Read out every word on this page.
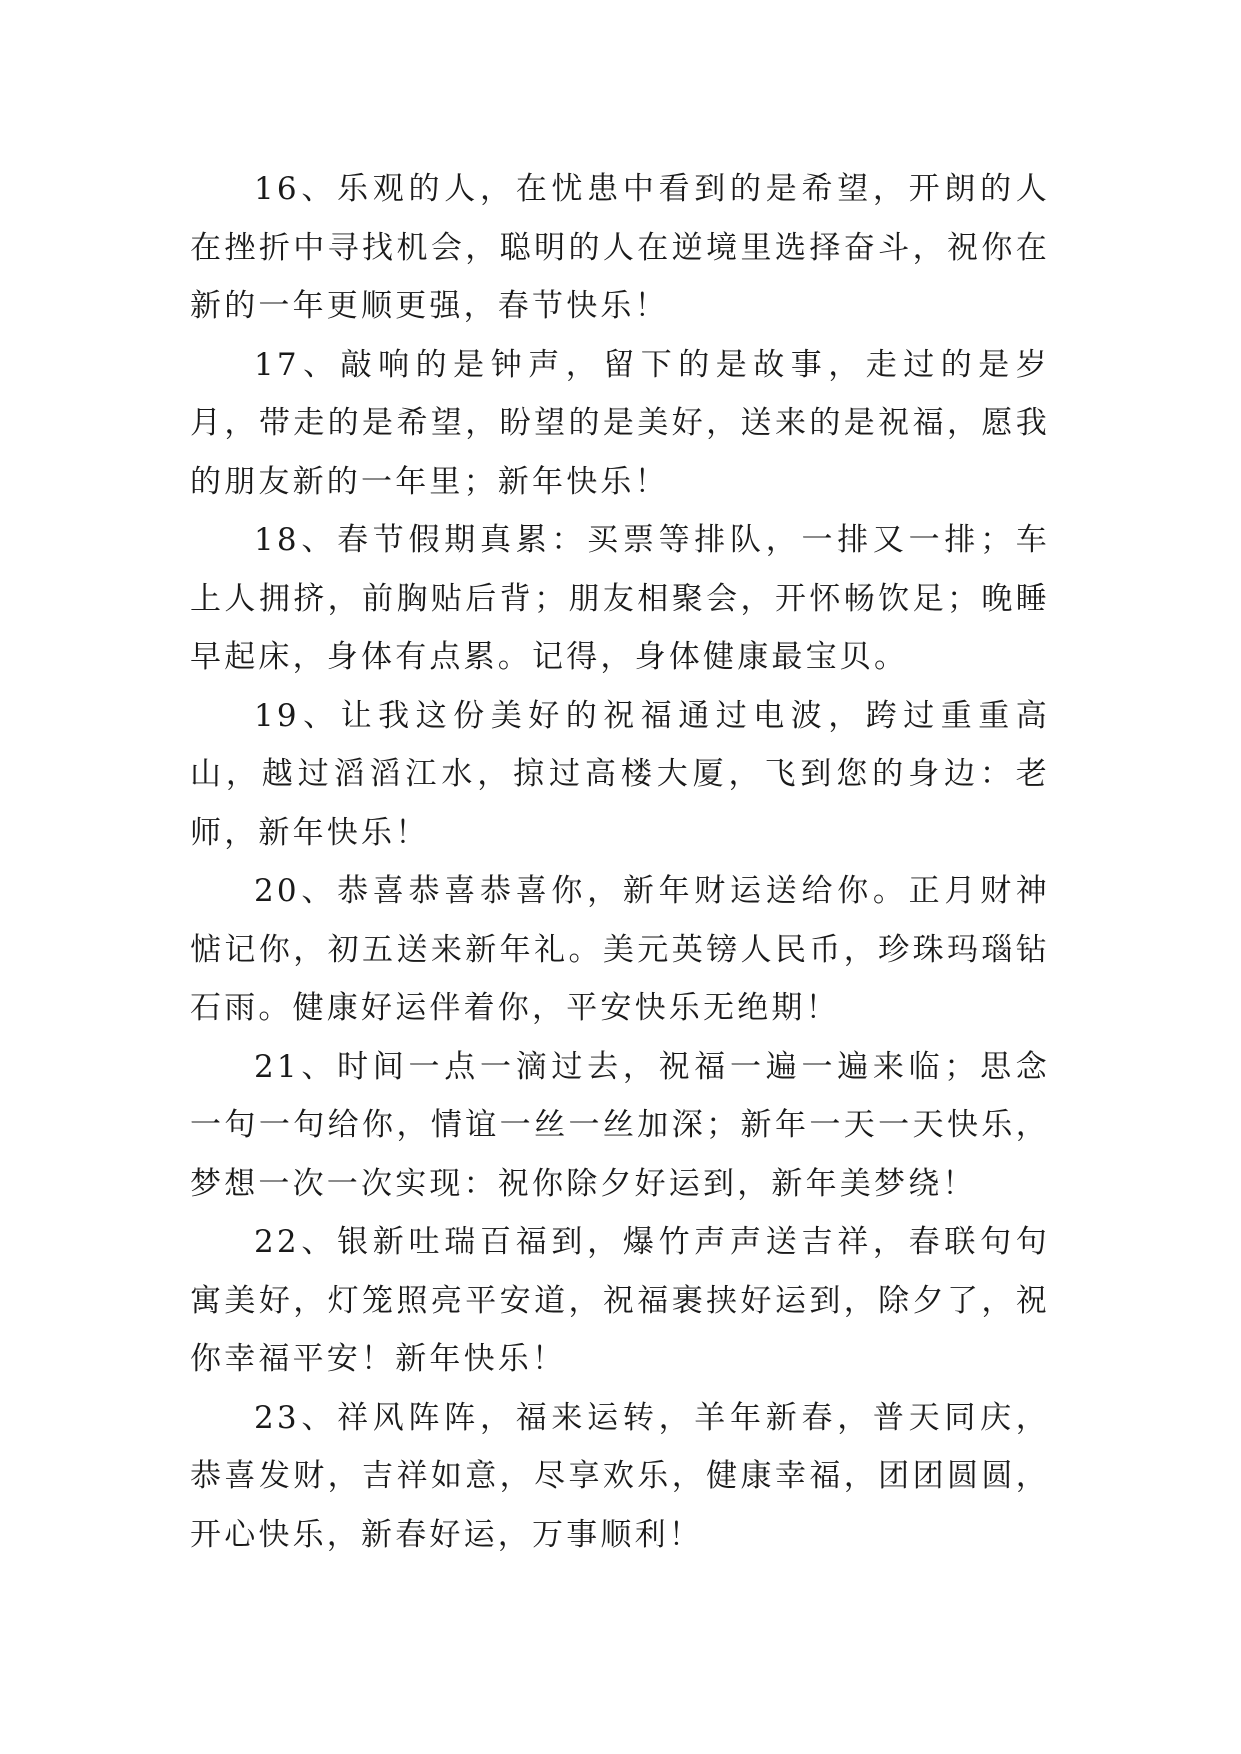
16、乐观的人，在忧患中看到的是希望，开朗的人在挫折中寻找机会，聪明的人在逆境里选择奋斗，祝你在新的一年更顺更强，春节快乐！

17、敲响的是钟声，留下的是故事，走过的是岁月，带走的是希望，盼望的是美好，送来的是祝福，愿我的朋友新的一年里；新年快乐！

18、春节假期真累：买票等排队，一排又一排；车上人拥挤，前胸贴后背；朋友相聚会，开怀畅饮足；晚睡早起床，身体有点累。记得，身体健康最宝贝。

19、让我这份美好的祝福通过电波，跨过重重高山，越过滔滔江水，掠过高楼大厦，飞到您的身边：老师，新年快乐！

20、恭喜恭喜恭喜你，新年财运送给你。正月财神惦记你，初五送来新年礼。美元英镑人民币，珍珠玛瑙钻石雨。健康好运伴着你，平安快乐无绝期！

21、时间一点一滴过去，祝福一遍一遍来临；思念一句一句给你，情谊一丝一丝加深；新年一天一天快乐，梦想一次一次实现：祝你除夕好运到，新年美梦绕！

22、银新吐瑞百福到，爆竹声声送吉祥，春联句句寓美好，灯笼照亮平安道，祝福裹挟好运到，除夕了，祝你幸福平安！新年快乐！

23、祥风阵阵，福来运转，羊年新春，普天同庆，恭喜发财，吉祥如意，尽享欢乐，健康幸福，团团圆圆，开心快乐，新春好运，万事顺利！
